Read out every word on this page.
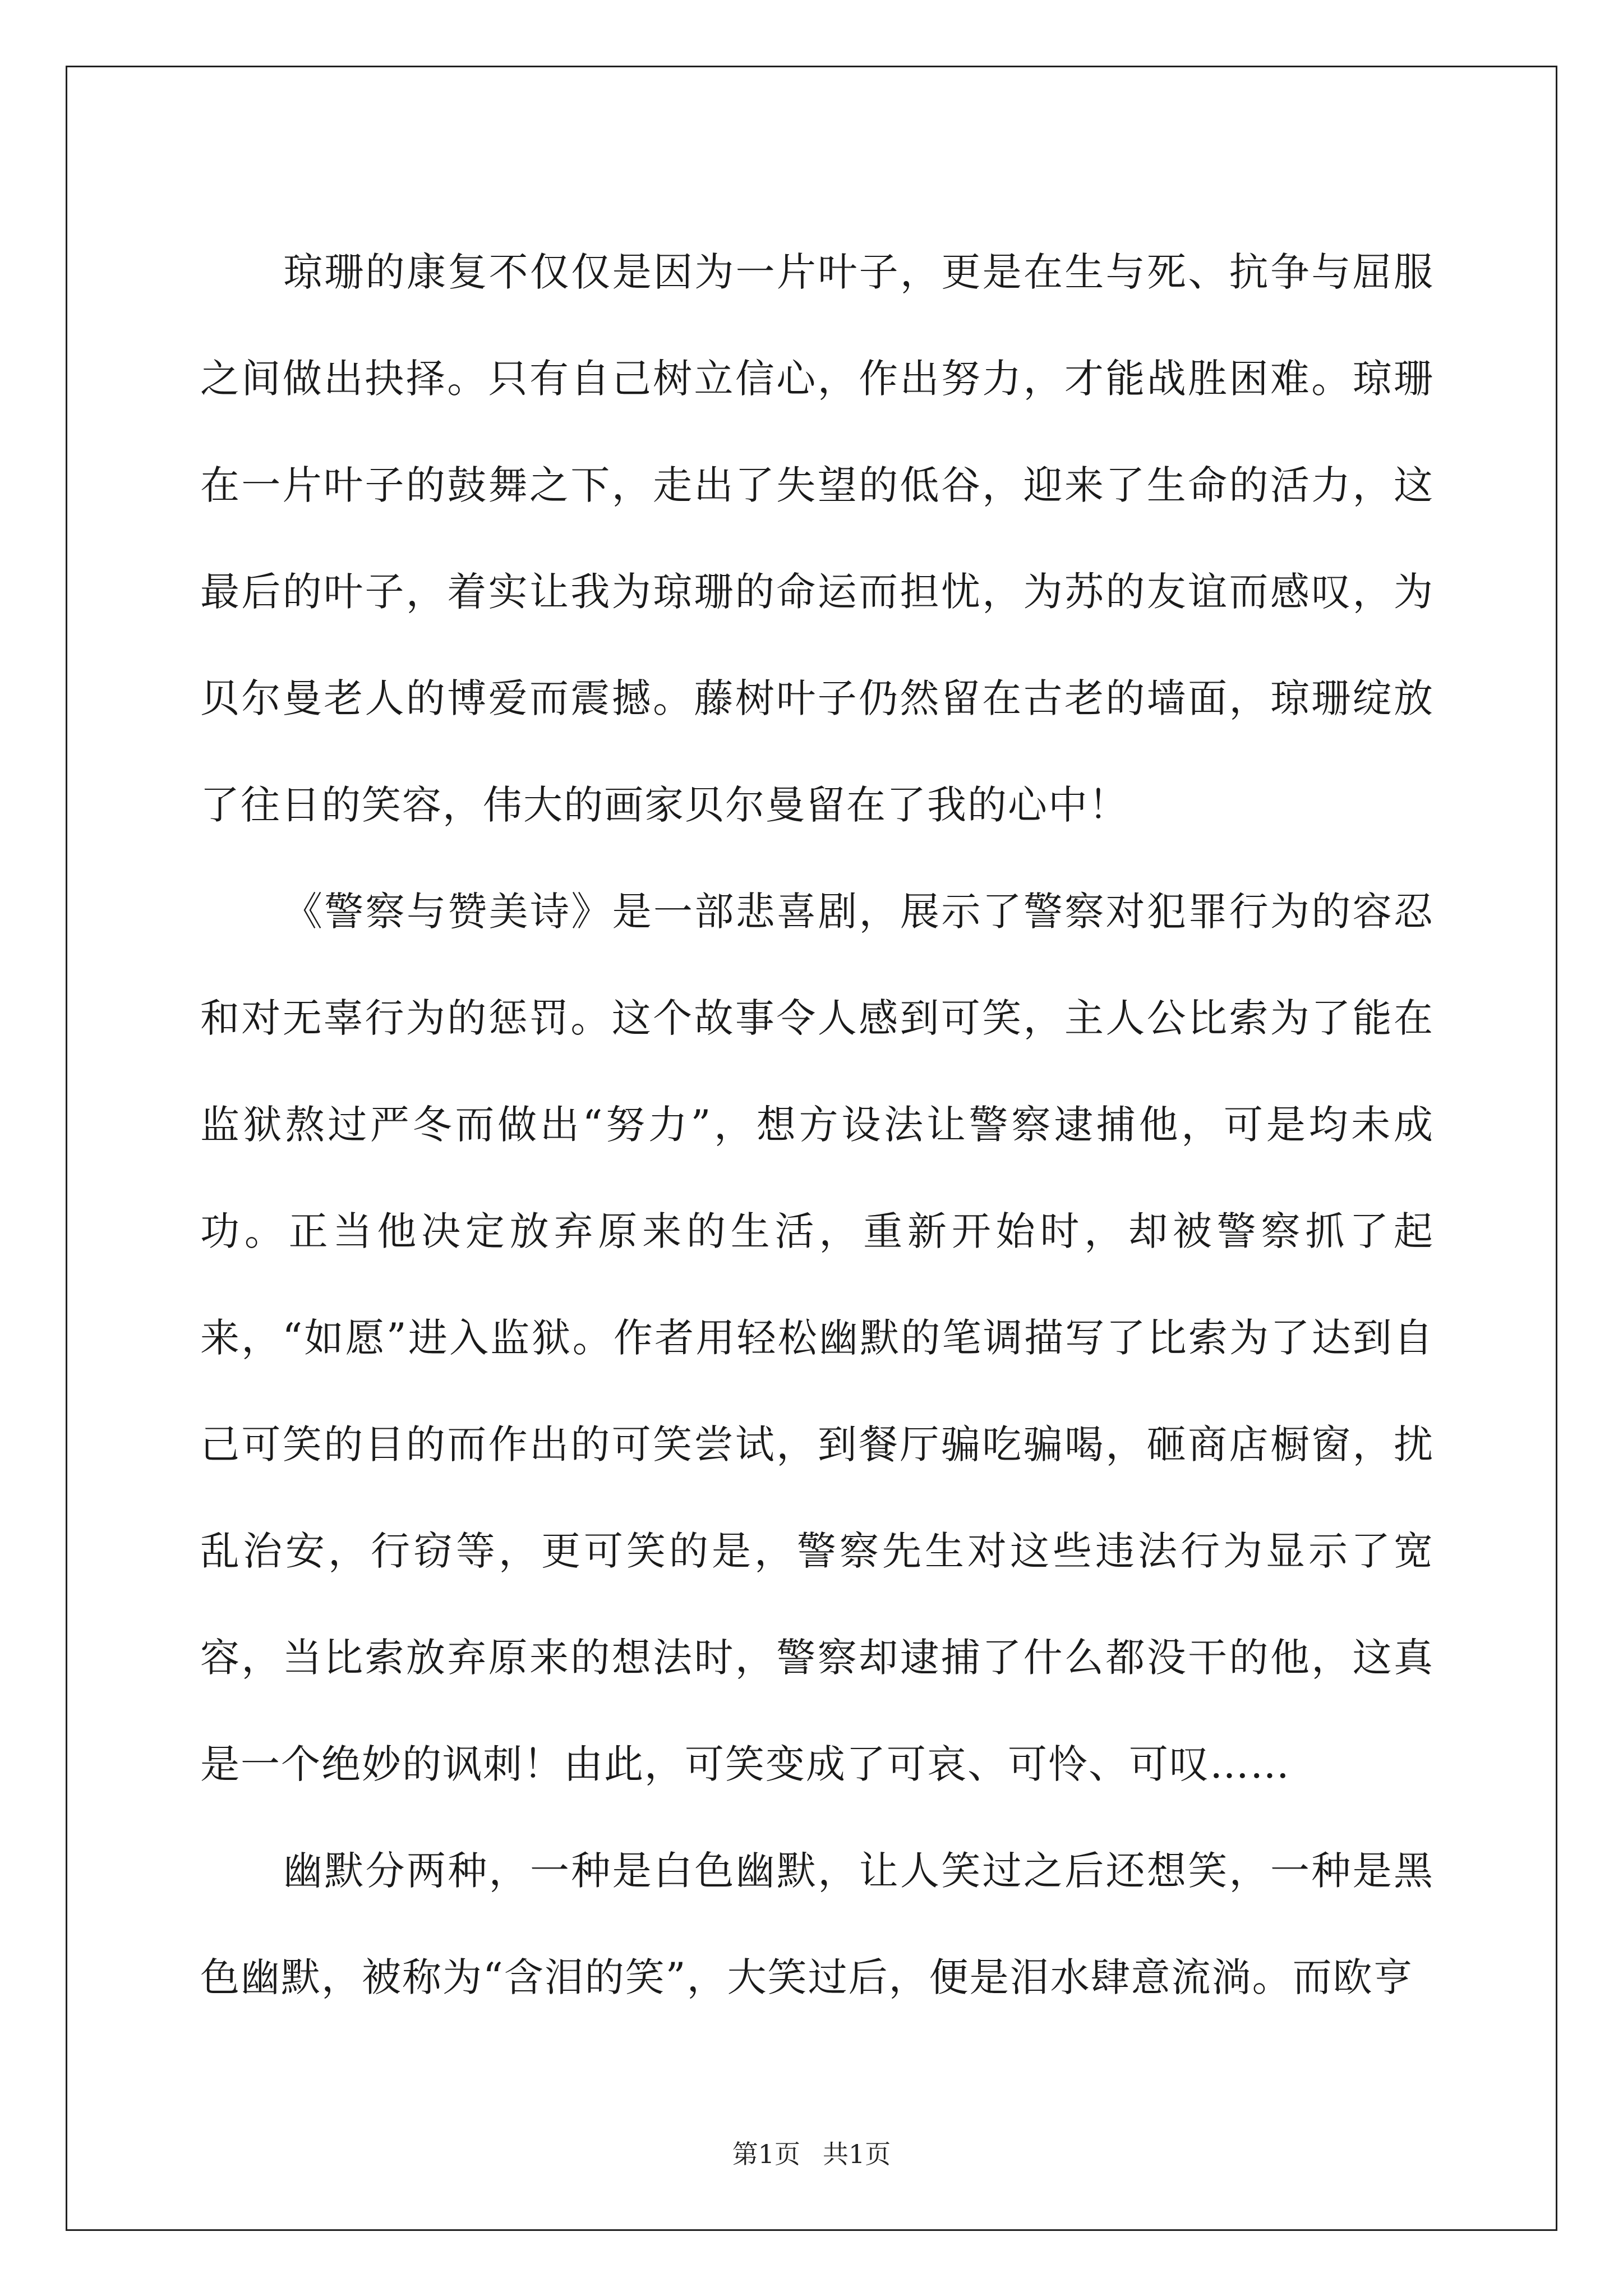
琼珊的康复不仅仅是因为一片叶子，更是在生与死、抗争与屈服之间做出抉择。只有自己树立信心，作出努力，才能战胜困难。琼珊在一片叶子的鼓舞之下，走出了失望的低谷，迎来了生命的活力，这最后的叶子，着实让我为琼珊的命运而担忧，为苏的友谊而感叹，为贝尔曼老人的博爱而震撼。藤树叶子仍然留在古老的墙面，琼珊绽放了往日的笑容，伟大的画家贝尔曼留在了我的心中！

《警察与赞美诗》是一部悲喜剧，展示了警察对犯罪行为的容忍和对无辜行为的惩罚。这个故事令人感到可笑，主人公比索为了能在监狱熬过严冬而做出“努力”，想方设法让警察逮捕他，可是均未成功。正当他决定放弃原来的生活，重新开始时，却被警察抓了起来，“如愿”进入监狱。作者用轻松幽默的笔调描写了比索为了达到自己可笑的目的而作出的可笑尝试，到餐厅骗吃骗喝，砸商店橱窗，扰乱治安，行窃等，更可笑的是，警察先生对这些违法行为显示了宽容，当比索放弃原来的想法时，警察却逮捕了什么都没干的他，这真是一个绝妙的讽刺！由此，可笑变成了可哀、可怜、可叹……

幽默分两种，一种是白色幽默，让人笑过之后还想笑，一种是黑色幽默，被称为“含泪的笑”，大笑过后，便是泪水肆意流淌。而欧亨

第1页 共1页
